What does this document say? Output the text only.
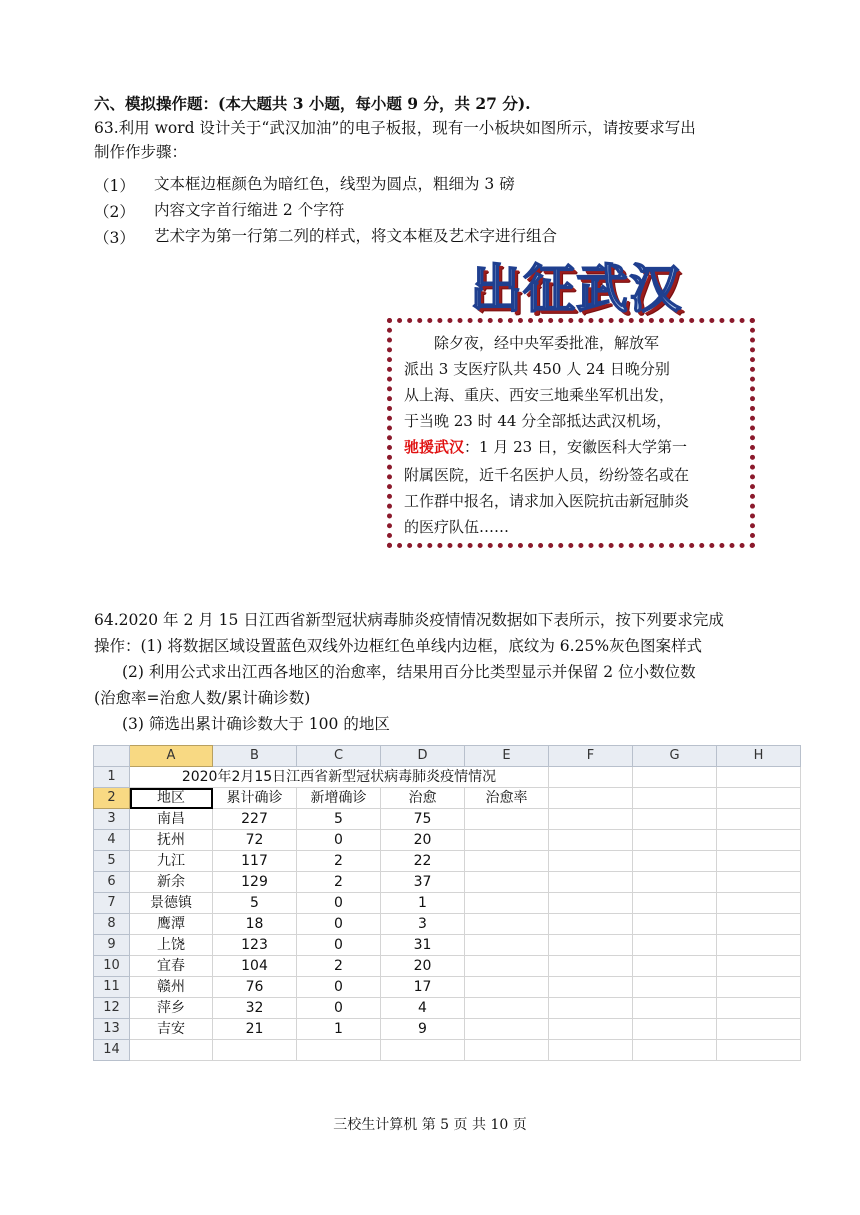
六、模拟操作题：(本大题共 3 小题，每小题 9 分，共 27 分).
63.利用 word 设计关于“武汉加油”的电子板报，现有一小板块如图所示，请按要求写出
制作作步骤：
（1） 文本框边框颜色为暗红色，线型为圆点，粗细为 3 磅
（2） 内容文字首行缩进 2 个字符
（3） 艺术字为第一行第二列的样式，将文本框及艺术字进行组合
出征武汉
　　除夕夜，经中央军委批准，解放军
派出 3 支医疗队共 450 人 24 日晚分别
从上海、重庆、西安三地乘坐军机出发，
于当晚 23 时 44 分全部抵达武汉机场，
驰援武汉：1 月 23 日，安徽医科大学第一
附属医院，近千名医护人员，纷纷签名或在
工作群中报名，请求加入医院抗击新冠肺炎
的医疗队伍……
64.2020 年 2 月 15 日江西省新型冠状病毒肺炎疫情情况数据如下表所示，按下列要求完成
操作：(1) 将数据区域设置蓝色双线外边框红色单线内边框，底纹为 6.25%灰色图案样式
(2) 利用公式求出江西各地区的治愈率，结果用百分比类型显示并保留 2 位小数位数
(治愈率=治愈人数/累计确诊数)
(3) 筛选出累计确诊数大于 100 的地区
	A	B	C	D	E	F	G	H
1	2020年2月15日江西省新型冠状病毒肺炎疫情情况							
2	地区	累计确诊	新增确诊	治愈	治愈率			
3	南昌	227	5	75				
4	抚州	72	0	20				
5	九江	117	2	22				
6	新余	129	2	37				
7	景德镇	5	0	1				
8	鹰潭	18	0	3				
9	上饶	123	0	31				
10	宜春	104	2	20				
11	赣州	76	0	17				
12	萍乡	32	0	4				
13	吉安	21	1	9				
14								
三校生计算机 第 5 页 共 10 页
